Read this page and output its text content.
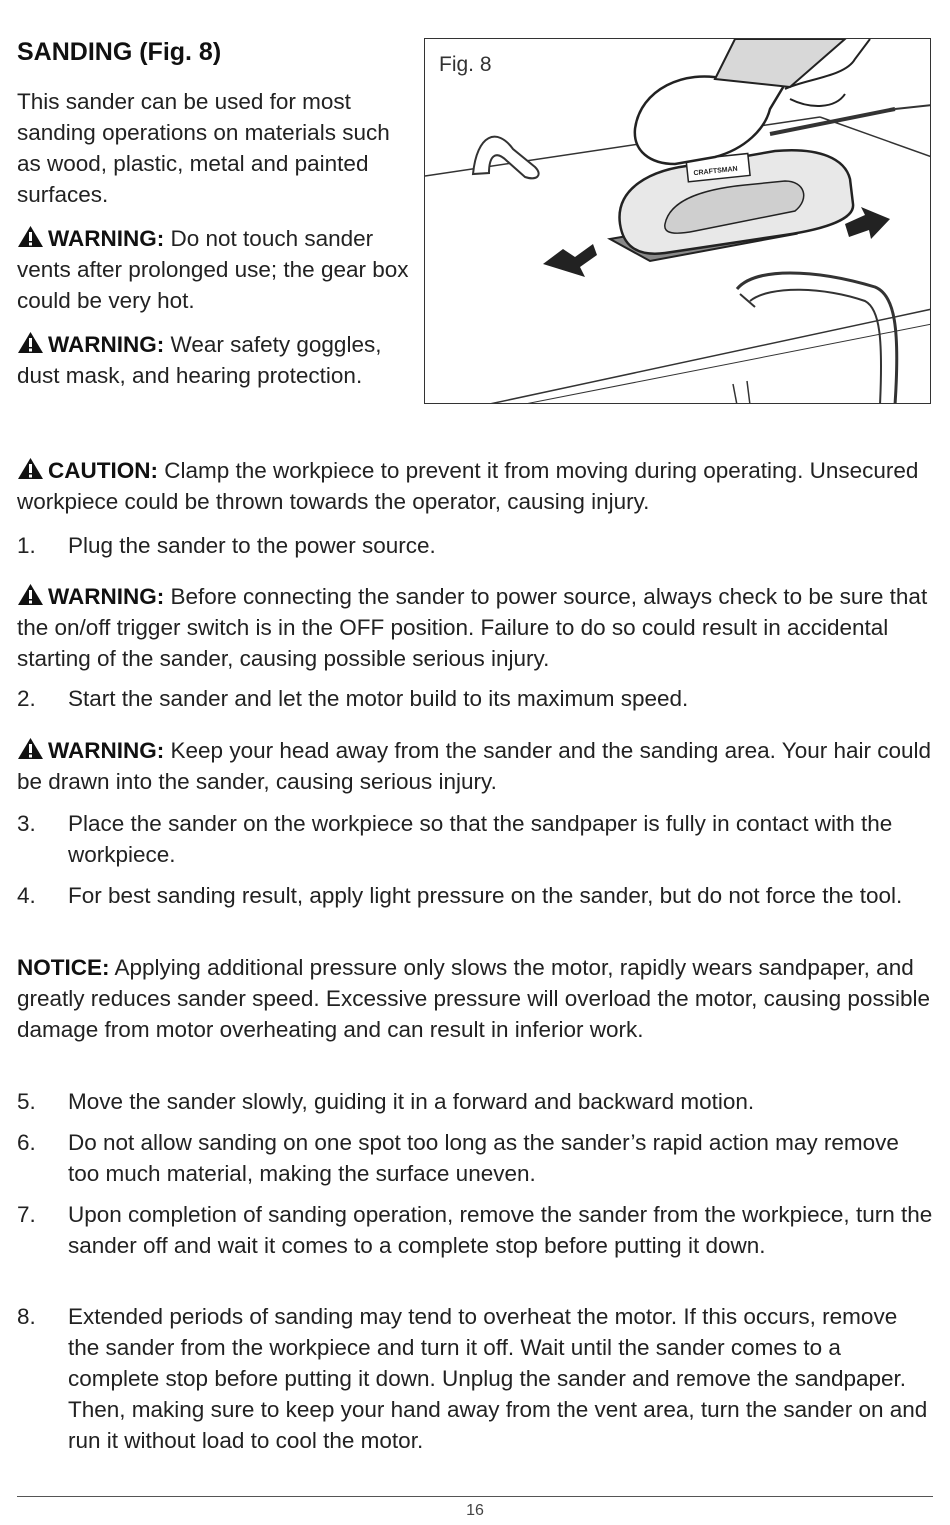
SANDING (Fig. 8)

This sander can be used for most sanding operations on materials such as wood, plastic, metal and painted surfaces.

WARNING: Do not touch sander vents after prolonged use; the gear box could be very hot.

WARNING: Wear safety goggles, dust mask, and hearing protection.

CRAFTSMAN
Fig. 8

CAUTION: Clamp the workpiece to prevent it from moving during operating. Unsecured workpiece could be thrown towards the operator, causing injury.

1. Plug the sander to the power source.

WARNING: Before connecting the sander to power source, always check to be sure that the on/off trigger switch is in the OFF position. Failure to do so could result in accidental starting of the sander, causing possible serious injury.

2. Start the sander and let the motor build to its maximum speed.

WARNING: Keep your head away from the sander and the sanding area. Your hair could be drawn into the sander, causing serious injury.

3. Place the sander on the workpiece so that the sandpaper is fully in contact with the workpiece.
4. For best sanding result, apply light pressure on the sander, but do not force the tool.

NOTICE: Applying additional pressure only slows the motor, rapidly wears sandpaper, and greatly reduces sander speed. Excessive pressure will overload the motor, causing possible damage from motor overheating and can result in inferior work.

5. Move the sander slowly, guiding it in a forward and backward motion.
6. Do not allow sanding on one spot too long as the sander’s rapid action may remove too much material, making the surface uneven.
7. Upon completion of sanding operation, remove the sander from the workpiece, turn the sander off and wait it comes to a complete stop before putting it down.
8. Extended periods of sanding may tend to overheat the motor. If this occurs, remove the sander from the workpiece and turn it off. Wait until the sander comes to a complete stop before putting it down. Unplug the sander and remove the sandpaper. Then, making sure to keep your hand away from the vent area, turn the sander on and run it without load to cool the motor.
16
